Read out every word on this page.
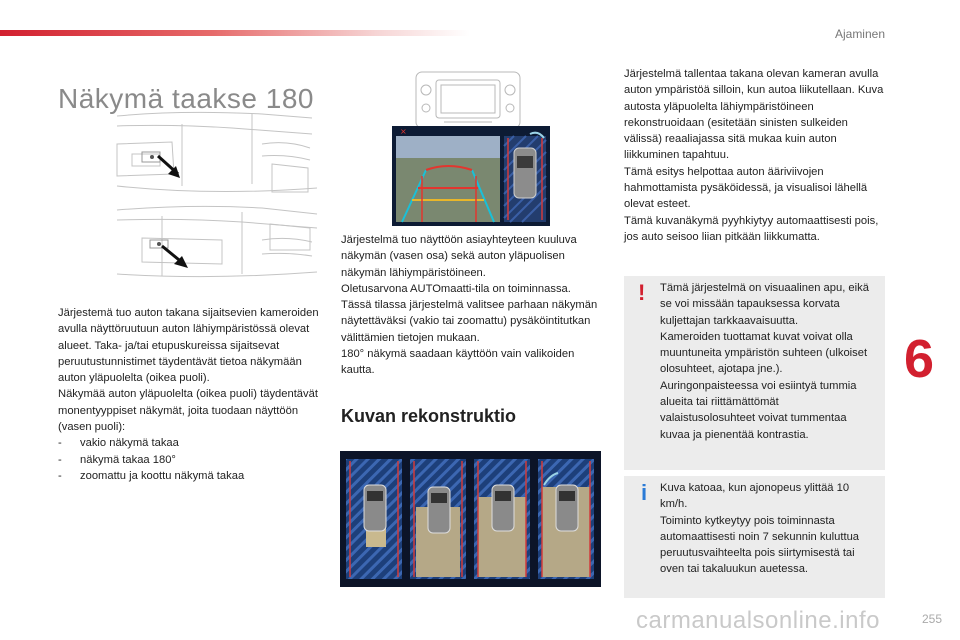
Ajaminen
Näkymä taakse 180
×

Järjestemä tuo auton takana sijaitsevien kameroiden avulla näyttöruutuun auton lähiympäristössä olevat alueet. Taka- ja/tai etupuskureissa sijaitsevat peruutustunnistimet täydentävät tietoa näkymään auton yläpuolelta (oikea puoli).

Näkymää auton yläpuolelta (oikea puoli) täydentävät monentyyppiset näkymät, joita tuodaan näyttöön (vasen puoli):

- vakio näkymä takaa
- näkymä takaa 180°
- zoomattu ja koottu näkymä takaa

Järjestelmä tuo näyttöön asiayhteyteen kuuluva näkymän (vasen osa) sekä auton yläpuolisen näkymän lähiympäristöineen.

Oletusarvona AUTOmaatti-tila on toiminnassa.

Tässä tilassa järjestelmä valitsee parhaan näkymän näytettäväksi (vakio tai zoomattu) pysäköintitutkan välittämien tietojen mukaan.

180° näkymä saadaan käyttöön vain valikoiden kautta.

Kuvan rekonstruktio

Järjestelmä tallentaa takana olevan kameran avulla auton ympäristöä silloin, kun autoa liikutellaan. Kuva autosta yläpuolelta lähiympäristöineen rekonstruoidaan (esitetään sinisten sulkeiden välissä) reaaliajassa sitä mukaa kuin auton liikkuminen tapahtuu.

Tämä esitys helpottaa auton ääriviivojen hahmottamista pysäköidessä, ja visualisoi lähellä olevat esteet.

Tämä kuvanäkymä pyyhkiytyy automaattisesti pois, jos auto seisoo liian pitkään liikkumatta.

! Tämä järjestelmä on visuaalinen apu, eikä se voi missään tapauksessa korvata kuljettajan tarkkaavaisuutta.

Kameroiden tuottamat kuvat voivat olla muuntuneita ympäristön suhteen (ulkoiset olosuhteet, ajotapa jne.).

Auringonpaisteessa voi esiintyä tummia alueita tai riittämättömät valaistusolosuhteet voivat tummentaa kuvaa ja pienentää kontrastia.

i Kuva katoaa, kun ajonopeus ylittää 10 km/h.

Toiminto kytkeytyy pois toiminnasta automaattisesti noin 7 sekunnin kuluttua peruutusvaihteelta pois siirtymisestä tai oven tai takaluukun auetessa.

6
carmanualsonline.info	255
